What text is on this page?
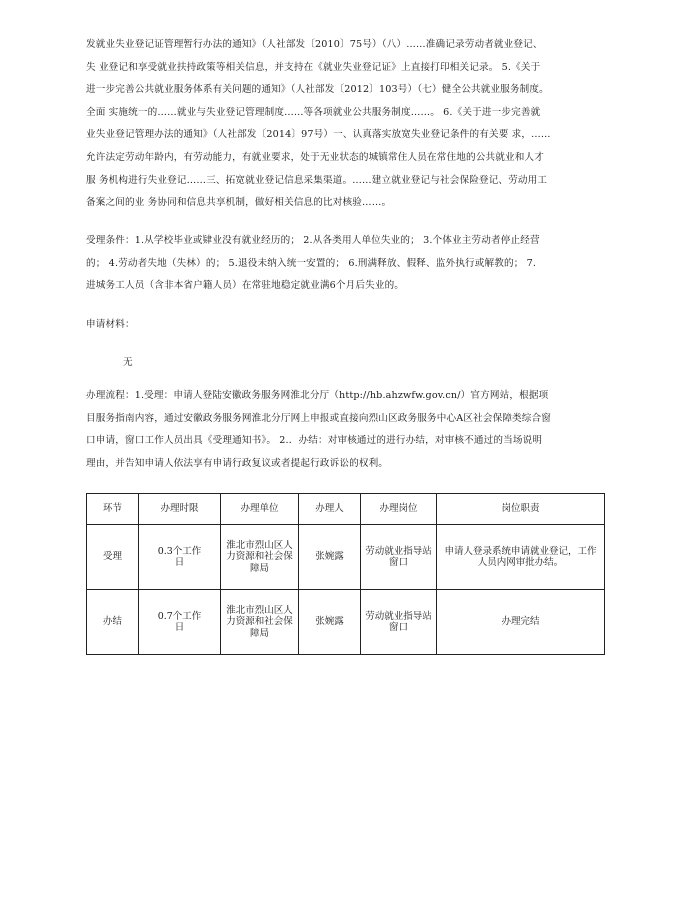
发就业失业登记证管理暂行办法的通知》（人社部发〔2010〕75号）（八）……准确记录劳动者就业登记、
失 业登记和享受就业扶持政策等相关信息，并支持在《就业失业登记证》上直接打印相关记录。 5.《关于
进一步完善公共就业服务体系有关问题的通知》（人社部发〔2012〕103号）（七）健全公共就业服务制度。
全面 实施统一的……就业与失业登记管理制度……等各项就业公共服务制度……。 6.《关于进一步完善就
业失业登记管理办法的通知》（人社部发〔2014〕97号）一、认真落实放宽失业登记条件的有关要 求，……
允许法定劳动年龄内，有劳动能力，有就业要求，处于无业状态的城镇常住人员在常住地的公共就业和人才
服 务机构进行失业登记……三、拓宽就业登记信息采集渠道。……建立就业登记与社会保险登记、劳动用工
备案之间的业 务协同和信息共享机制，做好相关信息的比对核验……。

受理条件：1.从学校毕业或肄业没有就业经历的； 2.从各类用人单位失业的； 3.个体业主劳动者停止经营
的； 4.劳动者失地（失林）的； 5.退役未纳入统一安置的； 6.刑满释放、假释、监外执行或解教的； 7.
进城务工人员（含非本省户籍人员）在常驻地稳定就业满6个月后失业的。

申请材料：

无

办理流程：1.受理：申请人登陆安徽政务服务网淮北分厅（http://hb.ahzwfw.gov.cn/）官方网站，根据项
目服务指南内容，通过安徽政务服务网淮北分厅网上申报或直接向烈山区政务服务中心A区社会保障类综合窗
口申请，窗口工作人员出具《受理通知书》。 2.．办结：对审核通过的进行办结，对审核不通过的当场说明
理由，并告知申请人依法享有申请行政复议或者提起行政诉讼的权利。

环节	办理时限	办理单位	办理人	办理岗位	岗位职责
受理	0.3个工作日	淮北市烈山区人力资源和社会保障局	张婉露	劳动就业指导站窗口	申请人登录系统申请就业登记，工作人员内网审批办结。
办结	0.7个工作日	淮北市烈山区人力资源和社会保障局	张婉露	劳动就业指导站窗口	办理完结
